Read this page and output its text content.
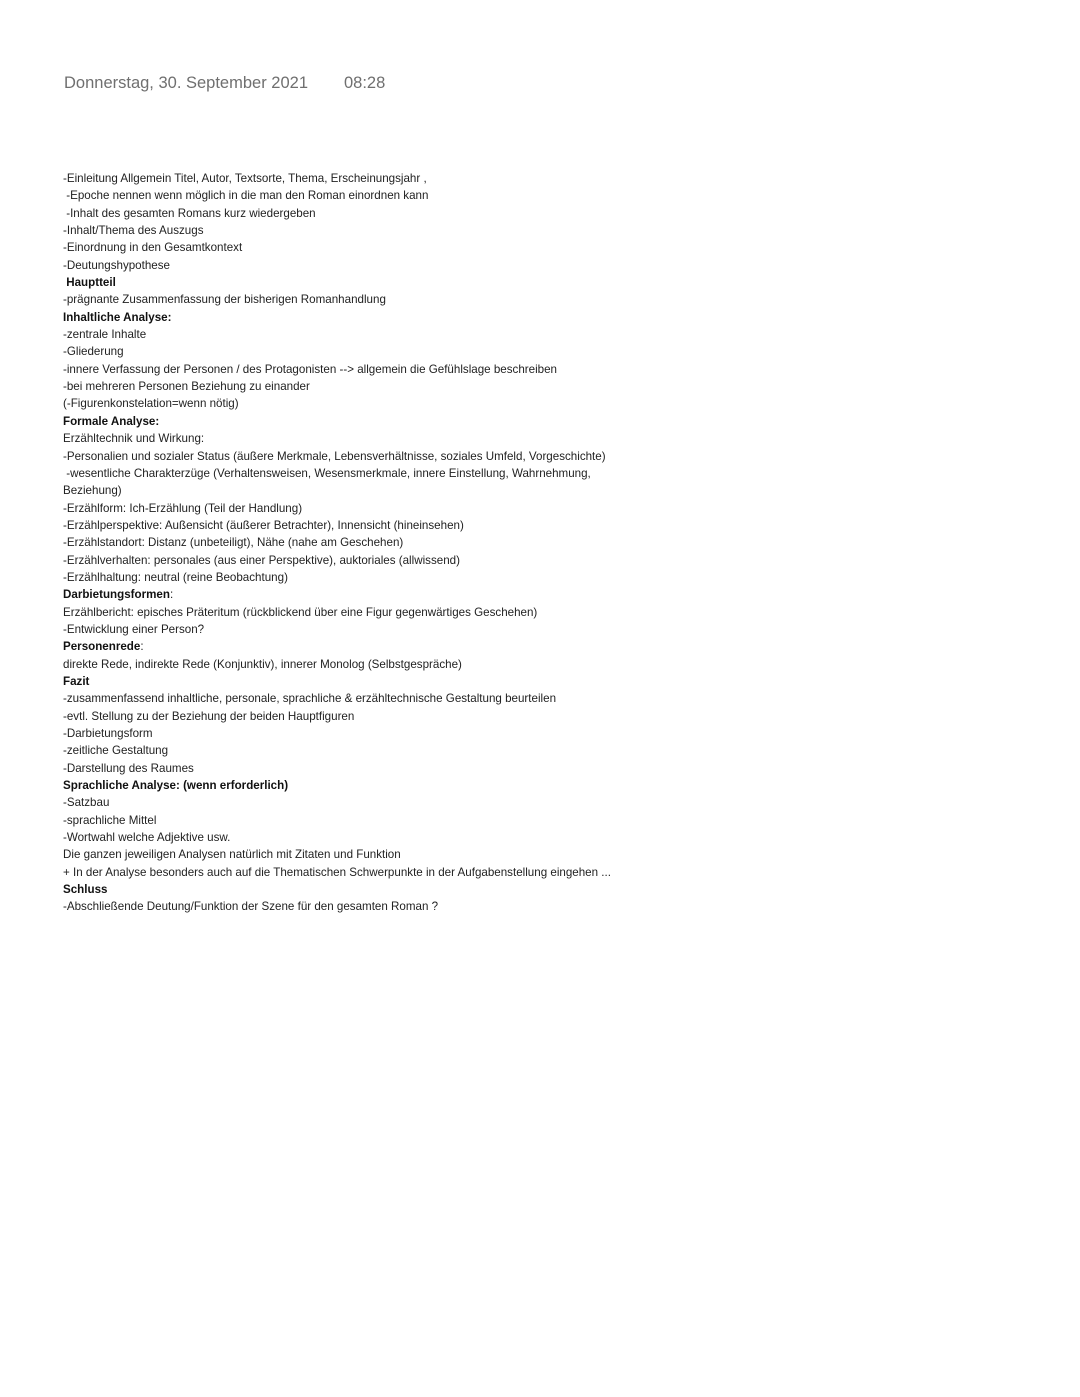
Donnerstag, 30. September 2021 08:28
-Einleitung Allgemein Titel, Autor, Textsorte, Thema, Erscheinungsjahr ,
-Epoche nennen wenn möglich in die man den Roman einordnen kann
-Inhalt des gesamten Romans kurz wiedergeben
-Inhalt/Thema des Auszugs
-Einordnung in den Gesamtkontext
-Deutungshypothese
Hauptteil
-prägnante Zusammenfassung der bisherigen Romanhandlung
Inhaltliche Analyse:
-zentrale Inhalte
-Gliederung
-innere Verfassung der Personen / des Protagonisten --> allgemein die Gefühlslage beschreiben
-bei mehreren Personen Beziehung zu einander
(-Figurenkonstelation=wenn nötig)
Formale Analyse:
Erzähltechnik und Wirkung:
-Personalien und sozialer Status (äußere Merkmale, Lebensverhältnisse, soziales Umfeld, Vorgeschichte)
-wesentliche Charakterzüge (Verhaltensweisen, Wesensmerkmale, innere Einstellung, Wahrnehmung,
Beziehung)
-Erzählform: Ich-Erzählung (Teil der Handlung)
-Erzählperspektive: Außensicht (äußerer Betrachter), Innensicht (hineinsehen)
-Erzählstandort: Distanz (unbeteiligt), Nähe (nahe am Geschehen)
-Erzählverhalten: personales (aus einer Perspektive), auktoriales (allwissend)
-Erzählhaltung: neutral (reine Beobachtung)
Darbietungsformen:
Erzählbericht: episches Präteritum (rückblickend über eine Figur gegenwärtiges Geschehen)
-Entwicklung einer Person?
Personenrede:
direkte Rede, indirekte Rede (Konjunktiv), innerer Monolog (Selbstgespräche)
Fazit
-zusammenfassend inhaltliche, personale, sprachliche & erzähltechnische Gestaltung beurteilen
-evtl. Stellung zu der Beziehung der beiden Hauptfiguren
-Darbietungsform
-zeitliche Gestaltung
-Darstellung des Raumes
Sprachliche Analyse: (wenn erforderlich)
-Satzbau
-sprachliche Mittel
-Wortwahl welche Adjektive usw.
Die ganzen jeweiligen Analysen natürlich mit Zitaten und Funktion
+ In der Analyse besonders auch auf die Thematischen Schwerpunkte in der Aufgabenstellung eingehen ...
Schluss
-Abschließende Deutung/Funktion der Szene für den gesamten Roman ?
